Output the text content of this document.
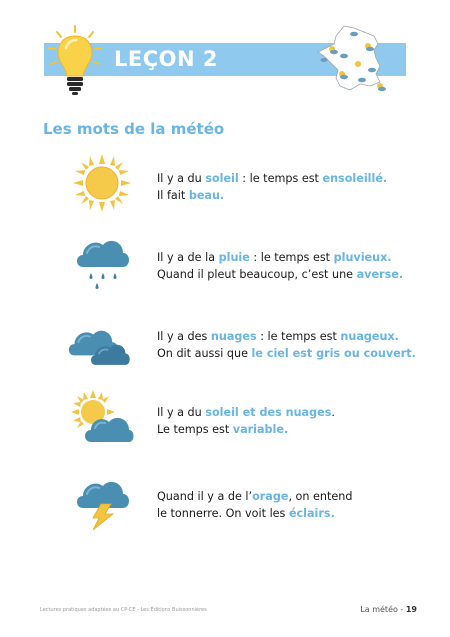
LEÇON 2
Les mots de la météo
Il y a du soleil : le temps est ensoleillé.
Il fait beau.
Il y a de la pluie : le temps est pluvieux.
Quand il pleut beaucoup, c’est une averse.
Il y a des nuages : le temps est nuageux.
On dit aussi que le ciel est gris ou couvert.
Il y a du soleil et des nuages.
Le temps est variable.
Quand il y a de l’orage, on entend
le tonnerre. On voit les éclairs.
Lectures pratiques adaptées au CP-CE - Les Éditions Buissonnières	La météo - 19
